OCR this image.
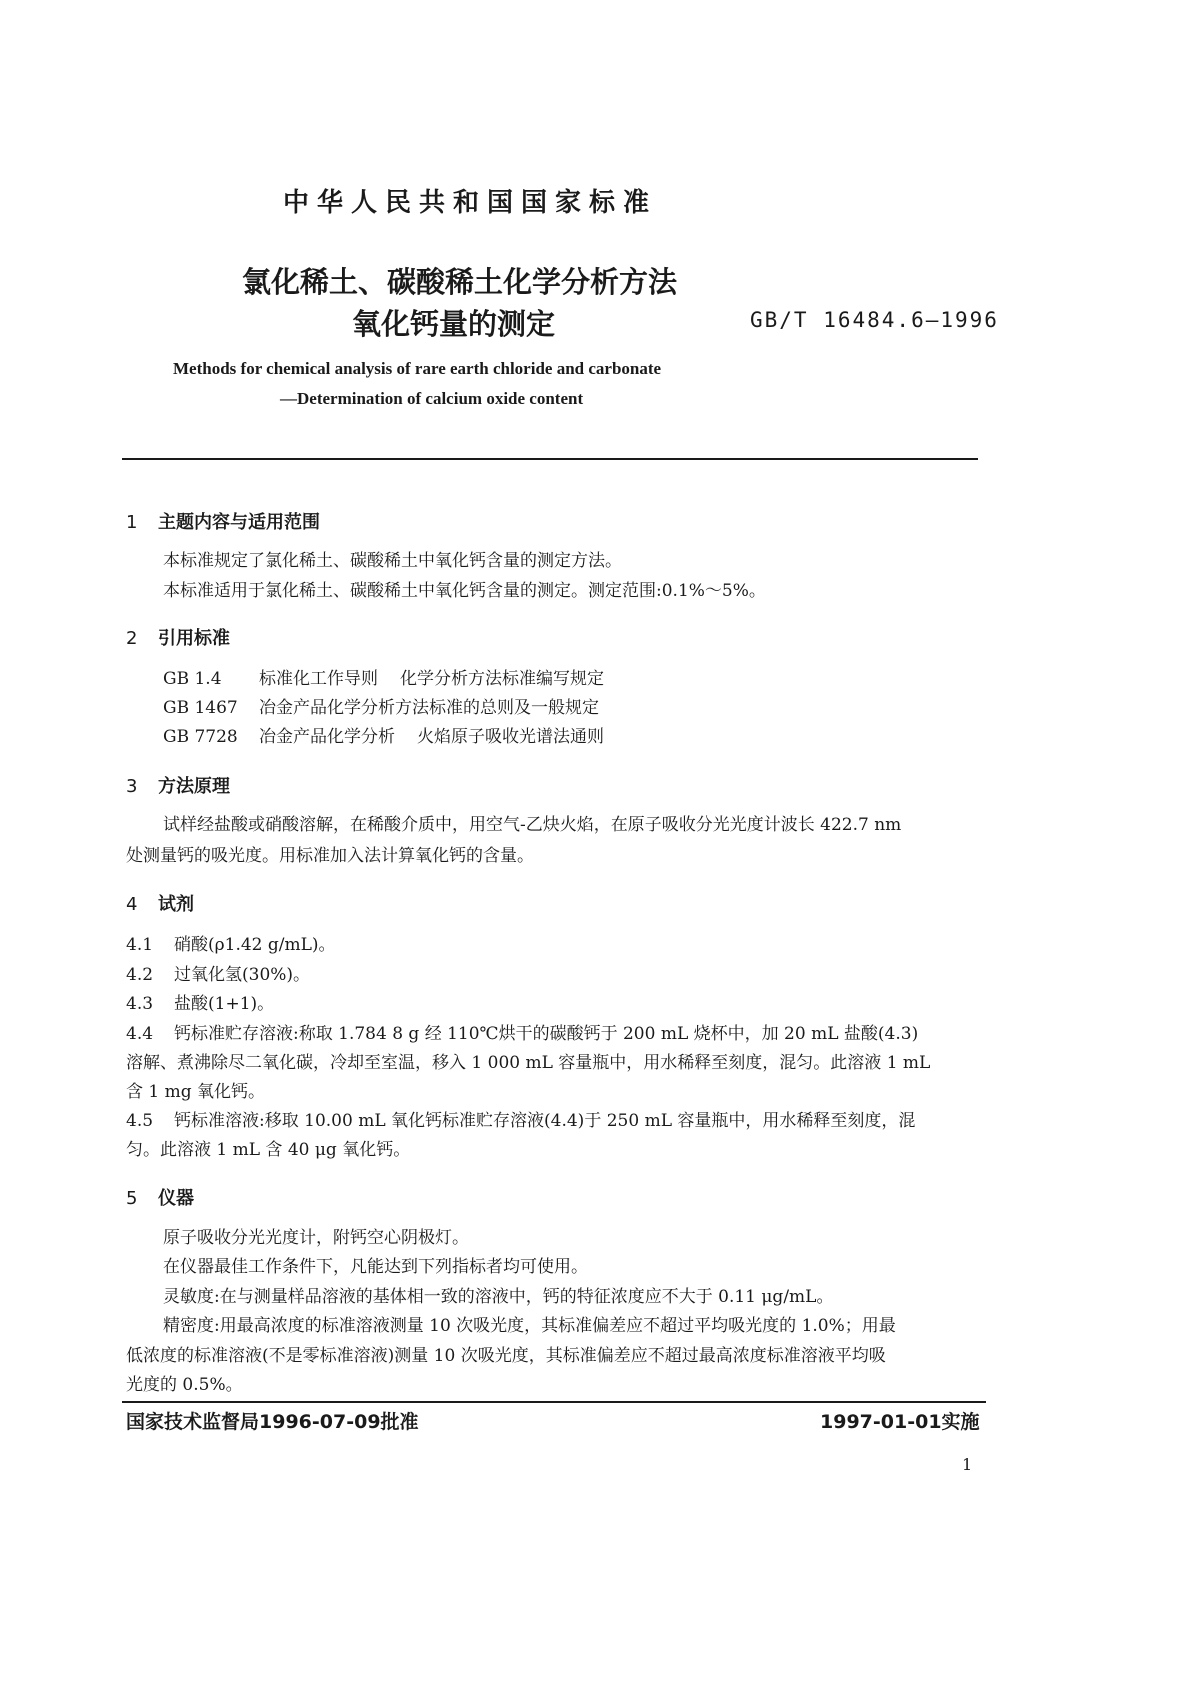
中华人民共和国国家标准
氯化稀土、碳酸稀土化学分析方法
氧化钙量的测定	GB/T 16484.6—1996
Methods for chemical analysis of rare earth chloride and carbonate
—Determination of calcium oxide content
1 主题内容与适用范围
本标准规定了氯化稀土、碳酸稀土中氧化钙含量的测定方法。
本标准适用于氯化稀土、碳酸稀土中氧化钙含量的测定。测定范围:0.1%～5%。
2 引用标准
GB 1.4 标准化工作导则 化学分析方法标准编写规定
GB 1467 冶金产品化学分析方法标准的总则及一般规定
GB 7728 冶金产品化学分析 火焰原子吸收光谱法通则
3 方法原理
试样经盐酸或硝酸溶解，在稀酸介质中，用空气-乙炔火焰，在原子吸收分光光度计波长 422.7 nm
处测量钙的吸光度。用标准加入法计算氧化钙的含量。
4 试剂
4.1 硝酸(ρ1.42 g/mL)。
4.2 过氧化氢(30%)。
4.3 盐酸(1+1)。
4.4 钙标准贮存溶液:称取 1.784 8 g 经 110℃烘干的碳酸钙于 200 mL 烧杯中，加 20 mL 盐酸(4.3)
溶解、煮沸除尽二氧化碳，冷却至室温，移入 1 000 mL 容量瓶中，用水稀释至刻度，混匀。此溶液 1 mL
含 1 mg 氧化钙。
4.5 钙标准溶液:移取 10.00 mL 氧化钙标准贮存溶液(4.4)于 250 mL 容量瓶中，用水稀释至刻度，混
匀。此溶液 1 mL 含 40 μg 氧化钙。
5 仪器
原子吸收分光光度计，附钙空心阴极灯。
在仪器最佳工作条件下，凡能达到下列指标者均可使用。
灵敏度:在与测量样品溶液的基体相一致的溶液中，钙的特征浓度应不大于 0.11 μg/mL。
精密度:用最高浓度的标准溶液测量 10 次吸光度，其标准偏差应不超过平均吸光度的 1.0%；用最
低浓度的标准溶液(不是零标准溶液)测量 10 次吸光度，其标准偏差应不超过最高浓度标准溶液平均吸
光度的 0.5%。
国家技术监督局1996-07-09批准	1997-01-01实施
1
